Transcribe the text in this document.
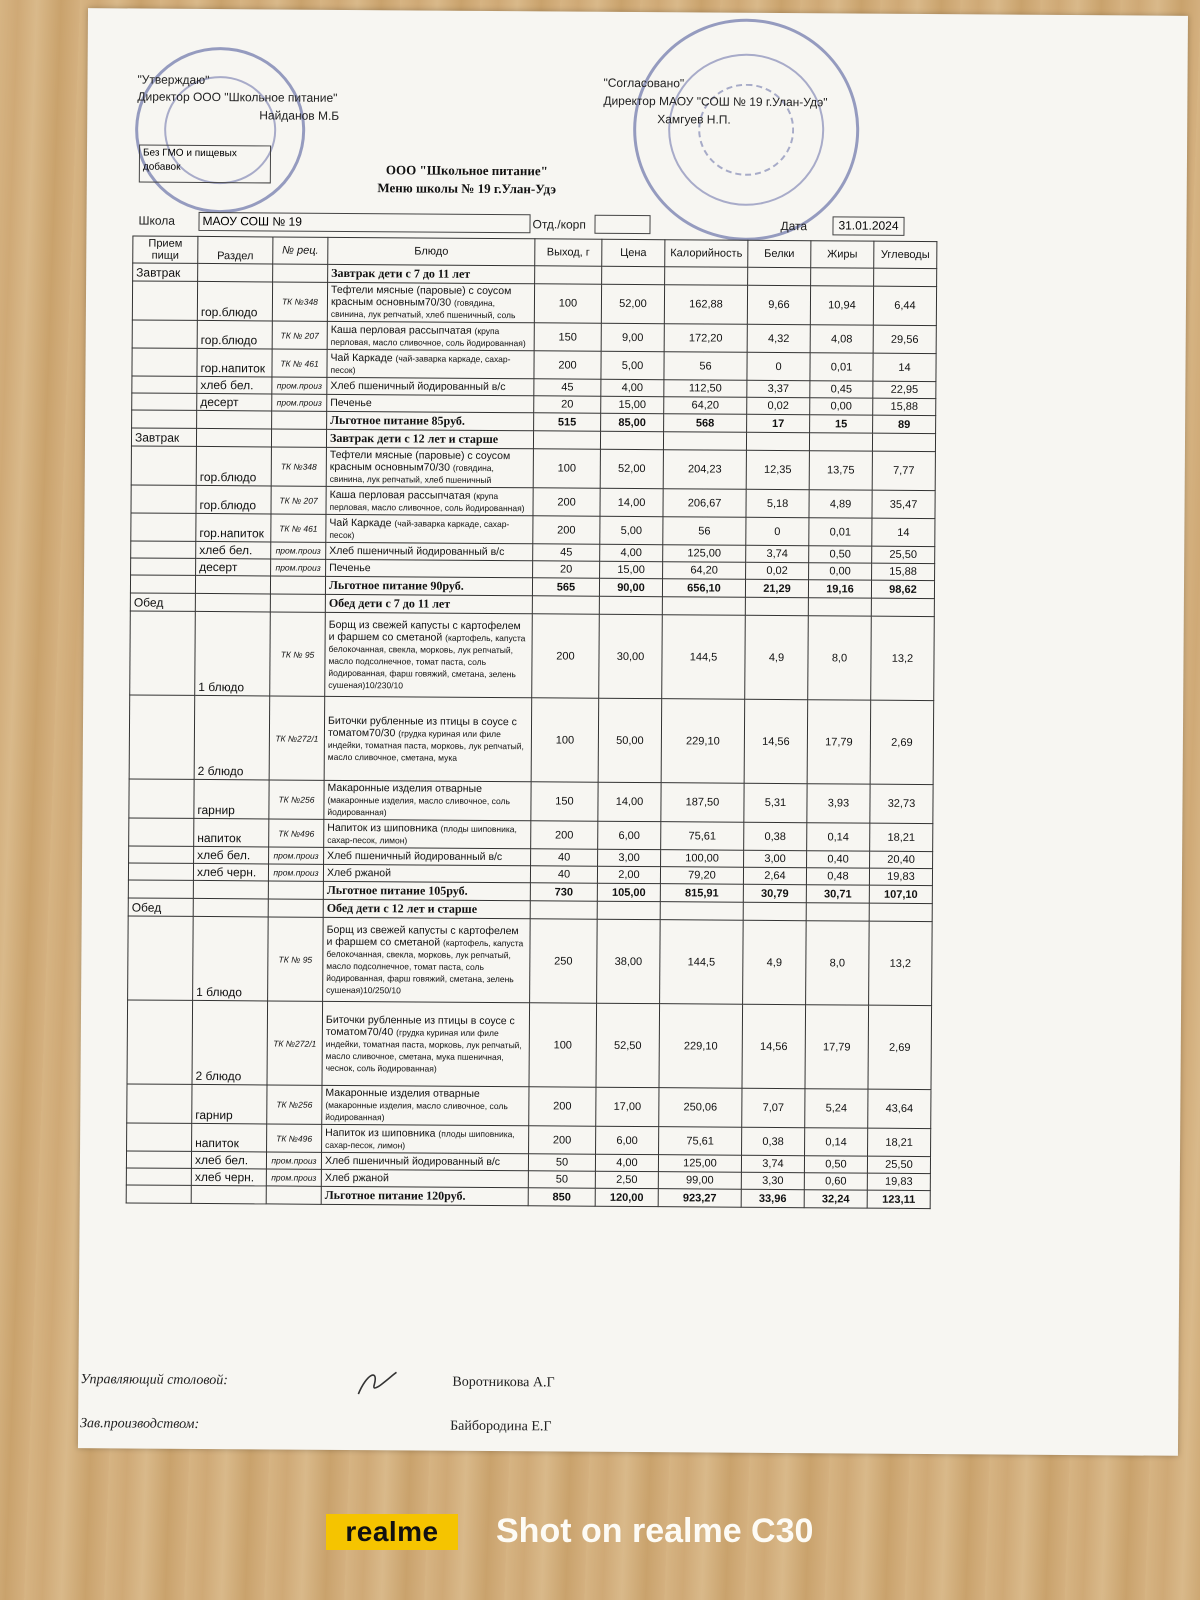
"Утверждаю"
Директор ООО "Школьное питание"
Найданов М.Б
Без ГМО и пищевых
добавок
"Согласовано"
Директор МАОУ "СОШ № 19 г.Улан-Удэ"
Хамгуев Н.П.
ООО "Школьное питание"
Меню школы № 19 г.Улан-Удэ
Школа	МАОУ СОШ № 19	Отд./корп	Дата	31.01.2024
Прием пищи	Раздел	№ рец.	Блюдо	Выход, г	Цена	Калорийность	Белки	Жиры	Углеводы
Завтрак			Завтрак дети с 7 до 11 лет						
	гор.блюдо	ТК №348	Тефтели мясные (паровые) с соусом красным основным70/30 (говядина, свинина, лук репчатый, хлеб пшеничный, соль	100	52,00	162,88	9,66	10,94	6,44
	гор.блюдо	ТК № 207	Каша перловая рассыпчатая (крупа перловая, масло сливочное, соль йодированная)	150	9,00	172,20	4,32	4,08	29,56
	гор.напиток	ТК № 461	Чай Каркаде (чай-заварка каркаде, сахар-песок)	200	5,00	56	0	0,01	14
	хлеб бел.	пром.произ	Хлеб пшеничный йодированный в/с	45	4,00	112,50	3,37	0,45	22,95
	десерт	пром.произ	Печенье	20	15,00	64,20	0,02	0,00	15,88
			Льготное питание 85руб.	515	85,00	568	17	15	89
Завтрак			Завтрак дети с 12 лет и старше						
	гор.блюдо	ТК №348	Тефтели мясные (паровые) с соусом красным основным70/30 (говядина, свинина, лук репчатый, хлеб пшеничный	100	52,00	204,23	12,35	13,75	7,77
	гор.блюдо	ТК № 207	Каша перловая рассыпчатая (крупа перловая, масло сливочное, соль йодированная)	200	14,00	206,67	5,18	4,89	35,47
	гор.напиток	ТК № 461	Чай Каркаде (чай-заварка каркаде, сахар-песок)	200	5,00	56	0	0,01	14
	хлеб бел.	пром.произ	Хлеб пшеничный йодированный в/с	45	4,00	125,00	3,74	0,50	25,50
	десерт	пром.произ	Печенье	20	15,00	64,20	0,02	0,00	15,88
			Льготное питание 90руб.	565	90,00	656,10	21,29	19,16	98,62
Обед			Обед дети с 7 до 11 лет						
	1 блюдо	ТК № 95	Борщ из свежей капусты с картофелем и фаршем со сметаной (картофель, капуста белокочанная, свекла, морковь, лук репчатый, масло подсолнечное, томат паста, соль йодированная, фарш говяжий, сметана, зелень сушеная)10/230/10	200	30,00	144,5	4,9	8,0	13,2
	2 блюдо	ТК №272/1	Биточки рубленные из птицы в соусе с томатом70/30 (грудка куриная или филе индейки, томатная паста, морковь, лук репчатый, масло сливочное, сметана, мука	100	50,00	229,10	14,56	17,79	2,69
	гарнир	ТК №256	Макаронные изделия отварные (макаронные изделия, масло сливочное, соль йодированная)	150	14,00	187,50	5,31	3,93	32,73
	напиток	ТК №496	Напиток из шиповника (плоды шиповника, сахар-песок, лимон)	200	6,00	75,61	0,38	0,14	18,21
	хлеб бел.	пром.произ	Хлеб пшеничный йодированный в/с	40	3,00	100,00	3,00	0,40	20,40
	хлеб черн.	пром.произ	Хлеб ржаной	40	2,00	79,20	2,64	0,48	19,83
			Льготное питание 105руб.	730	105,00	815,91	30,79	30,71	107,10
Обед			Обед дети с 12 лет и старше						
	1 блюдо	ТК № 95	Борщ из свежей капусты с картофелем и фаршем со сметаной (картофель, капуста белокочанная, свекла, морковь, лук репчатый, масло подсолнечное, томат паста, соль йодированная, фарш говяжий, сметана, зелень сушеная)10/250/10	250	38,00	144,5	4,9	8,0	13,2
	2 блюдо	ТК №272/1	Биточки рубленные из птицы в соусе с томатом70/40 (грудка куриная или филе индейки, томатная паста, морковь, лук репчатый, масло сливочное, сметана, мука пшеничная, чеснок, соль йодированная)	100	52,50	229,10	14,56	17,79	2,69
	гарнир	ТК №256	Макаронные изделия отварные (макаронные изделия, масло сливочное, соль йодированная)	200	17,00	250,06	7,07	5,24	43,64
	напиток	ТК №496	Напиток из шиповника (плоды шиповника, сахар-песок, лимон)	200	6,00	75,61	0,38	0,14	18,21
	хлеб бел.	пром.произ	Хлеб пшеничный йодированный в/с	50	4,00	125,00	3,74	0,50	25,50
	хлеб черн.	пром.произ	Хлеб ржаной	50	2,50	99,00	3,30	0,60	19,83
			Льготное питание 120руб.	850	120,00	923,27	33,96	32,24	123,11
Управляющий столовой:	Воротникова А.Г
Зав.производством:	Байбородина Е.Г
realme	Shot on realme C30
